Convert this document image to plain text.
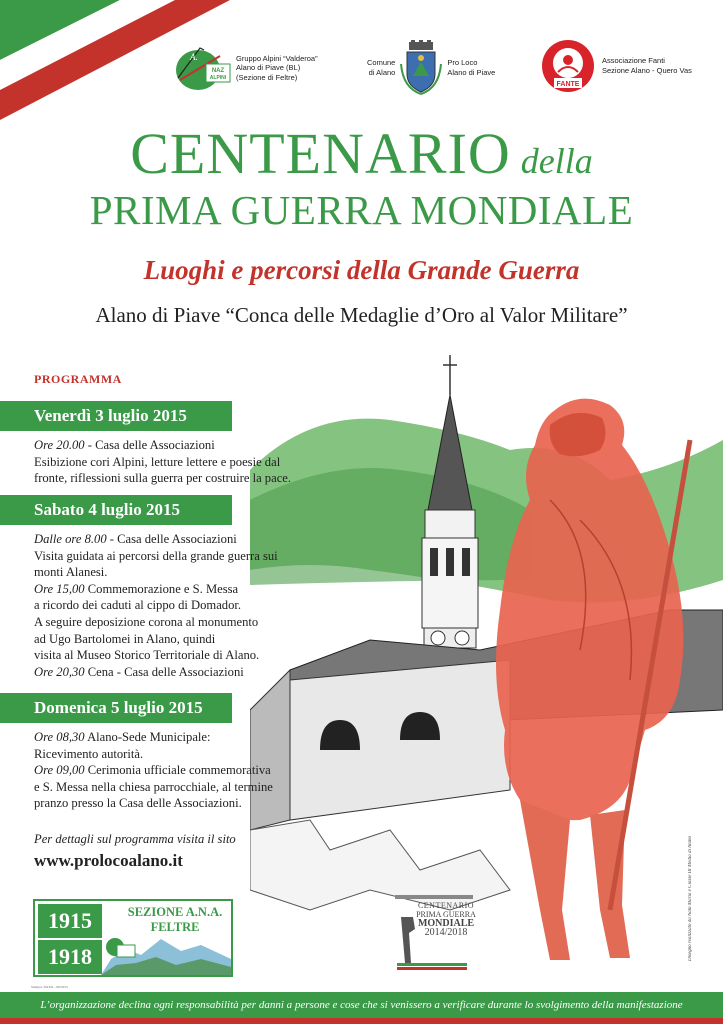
A.
NAZ
ALPINI
Gruppo Alpini “Valderoa”
Alano di Piave (BL)
(Sezione di Feltre)
Comune
di Alano
Pro Loco
Alano di Piave
FANTE
Associazione Fanti
Sezione Alano - Quero Vas
CENTENARIO della
PRIMA GUERRA MONDIALE
Luoghi e percorsi della Grande Guerra
Alano di Piave “Conca delle Medaglie d’Oro al Valor Militare”
PROGRAMMA
Venerdì 3 luglio 2015
Ore 20.00 - Casa delle Associazioni
Esibizione cori Alpini, letture lettere e poesie dal
fronte, riflessioni sulla guerra per costruire la pace.
Sabato 4 luglio 2015
Dalle ore 8.00 - Casa delle Associazioni
Visita guidata ai percorsi della grande guerra sui
monti Alanesi.
Ore 15,00 Commemorazione e S. Messa
a ricordo dei caduti al cippo di Domador.
A seguire deposizione corona al monumento
ad Ugo Bartolomei in Alano, quindi
visita al Museo Storico Territoriale di Alano.
Ore 20,30 Cena - Casa delle Associazioni
Domenica 5 luglio 2015
Ore 08,30 Alano-Sede Municipale:
Ricevimento autorità.
Ore 09,00 Cerimonia ufficiale commemorativa
e S. Messa nella chiesa parrocchiale, al termine
pranzo presso la Casa delle Associazioni.
Per dettagli sul programma visita il sito
www.prolocoalano.it
1915
1918
SEZIONE A.N.A.
FELTRE
CENTENARIO
PRIMA GUERRA
MONDIALE
2014/2018	Disegno realizzato da Nani Maria e Classe III Media di Alano
Stampa: XXXX - 06/2015
L’organizzazione declina ogni responsabilità per danni a persone e cose che si venissero a verificare durante lo svolgimento della manifestazione
